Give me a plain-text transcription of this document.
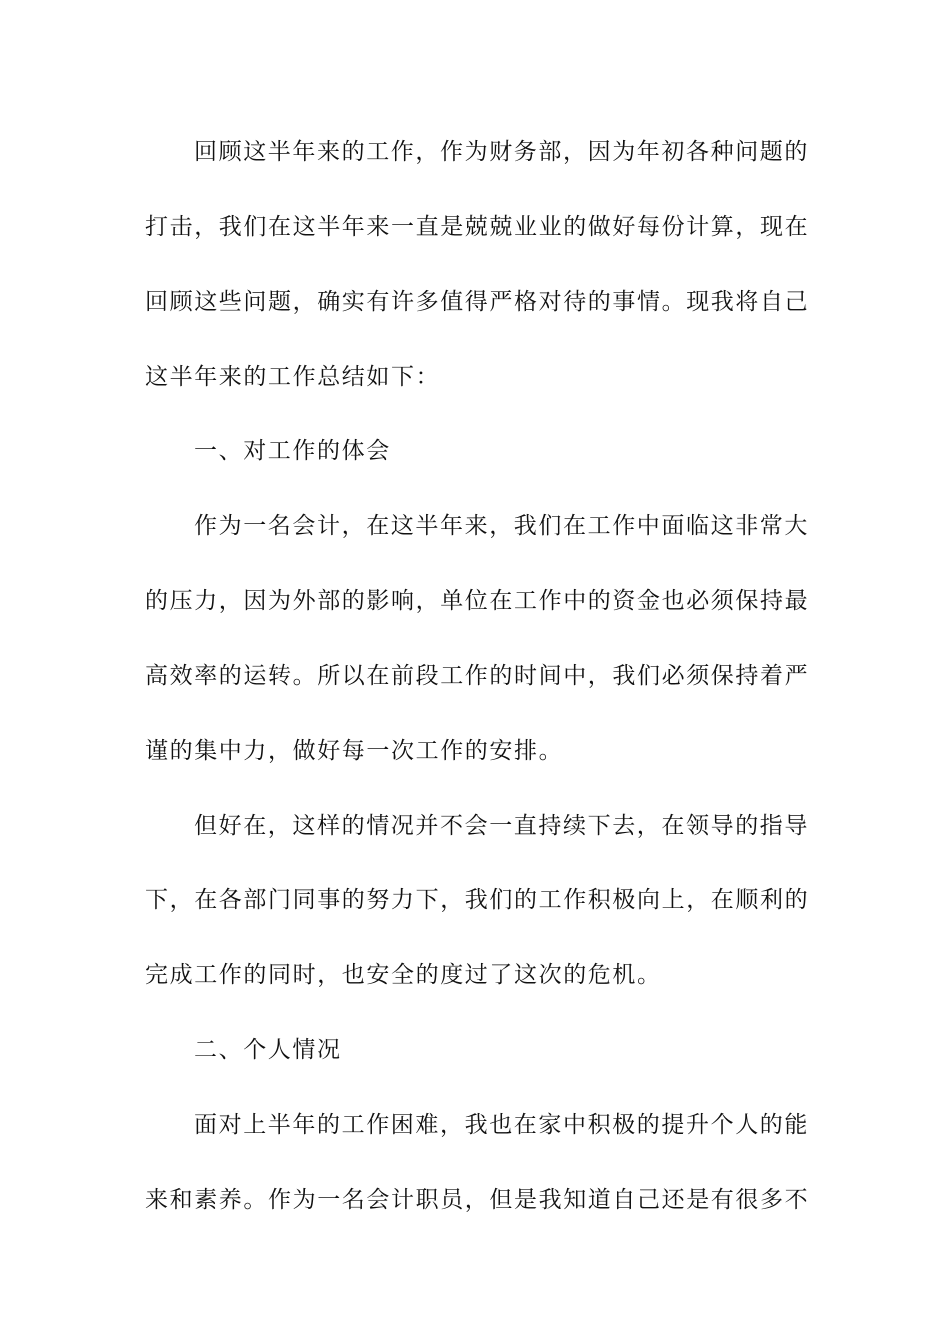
回顾这半年来的工作，作为财务部，因为年初各种问题的

打击，我们在这半年来一直是兢兢业业的做好每份计算，现在

回顾这些问题，确实有许多值得严格对待的事情。现我将自己

这半年来的工作总结如下：

一、对工作的体会

作为一名会计，在这半年来，我们在工作中面临这非常大

的压力，因为外部的影响，单位在工作中的资金也必须保持最

高效率的运转。所以在前段工作的时间中，我们必须保持着严

谨的集中力，做好每一次工作的安排。

但好在，这样的情况并不会一直持续下去，在领导的指导

下，在各部门同事的努力下，我们的工作积极向上，在顺利的

完成工作的同时，也安全的度过了这次的危机。

二、个人情况

面对上半年的工作困难，我也在家中积极的提升个人的能

来和素养。作为一名会计职员，但是我知道自己还是有很多不
